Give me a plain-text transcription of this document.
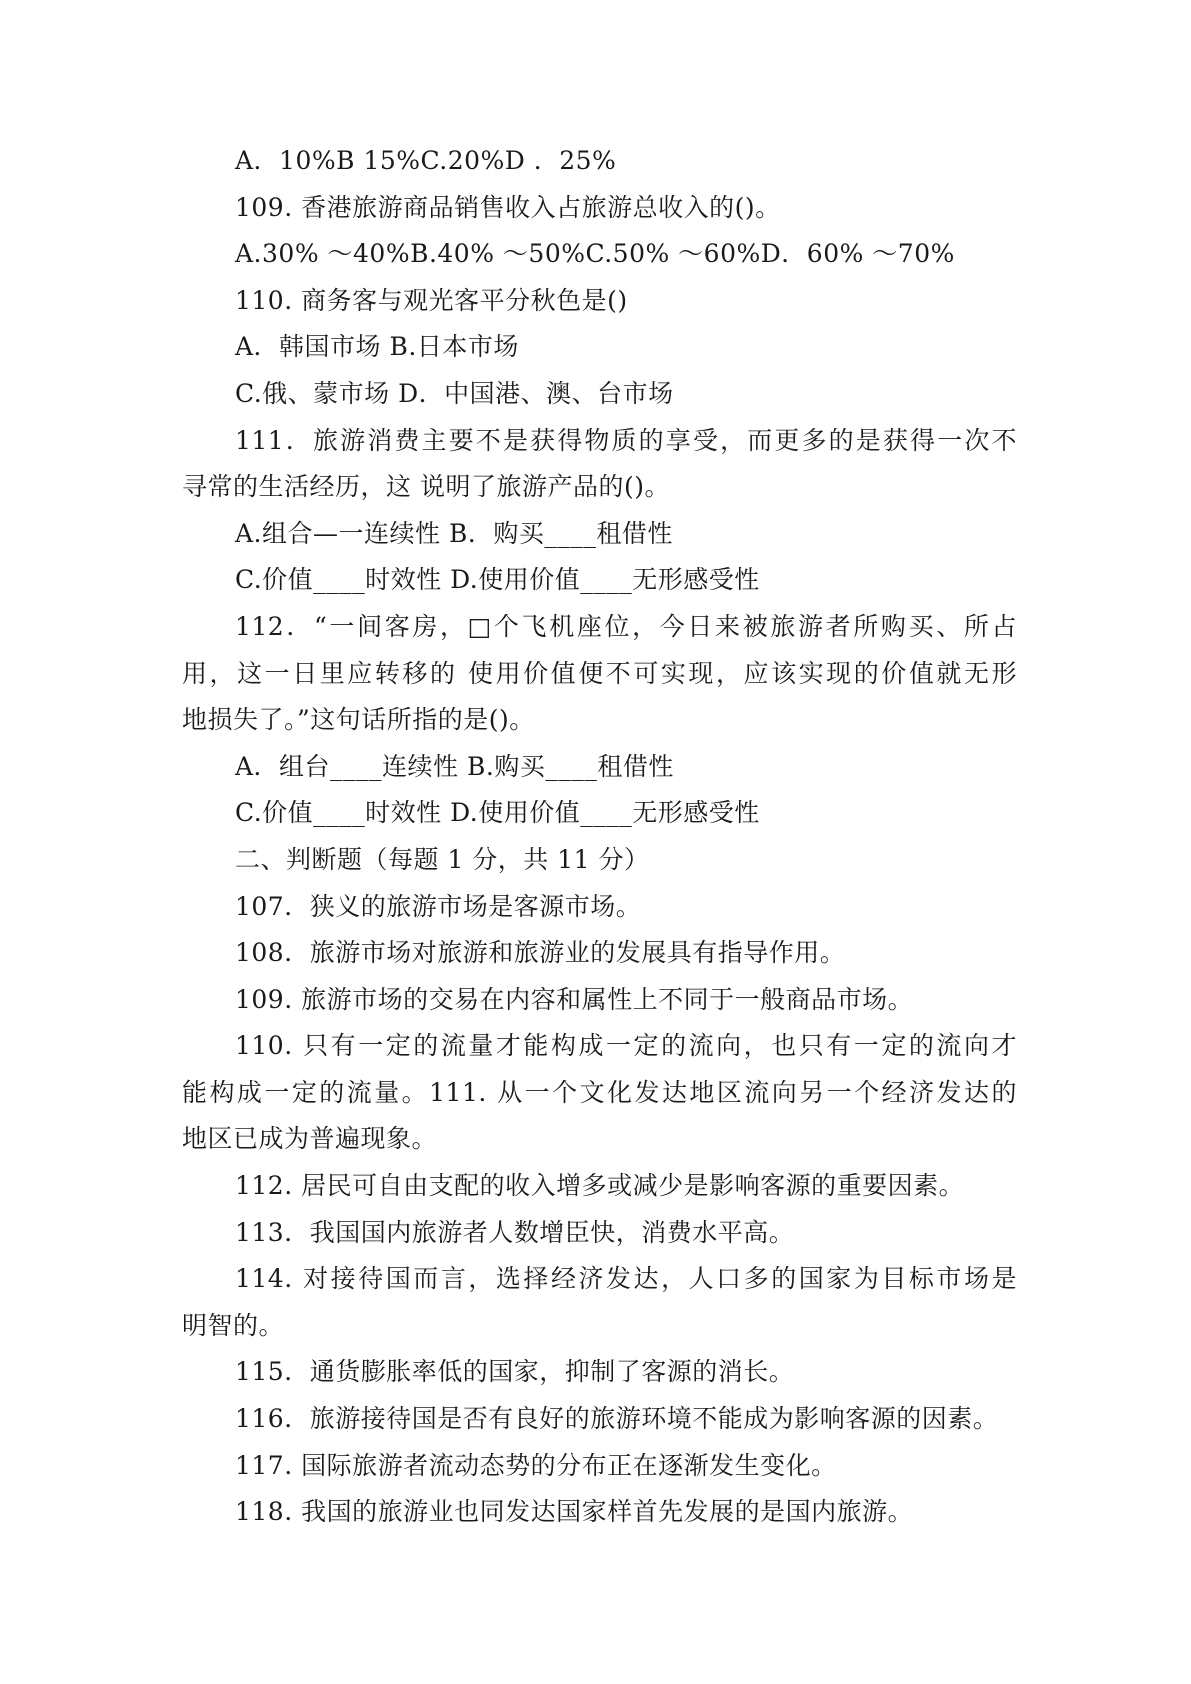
A．10%B 15%C.20%D ．25%
109. 香港旅游商品销售收入占旅游总收入的()。
A.30% ～40%B.40% ～50%C.50% ～60%D．60% ～70%
110. 商务客与观光客平分秋色是()
A．韩国市场 B.日本市场
C.俄、蒙市场 D．中国港、澳、台市场
111．旅游消费主要不是获得物质的享受，而更多的是获得一次不
寻常的生活经历，这 说明了旅游产品的()。
A.组合—一连续性 B．购买____租借性
C.价值____时效性 D.使用价值____无形感受性
112．“一间客房，□个飞机座位，今日来被旅游者所购买、所占
用，这一日里应转移的 使用价值便不可实现，应该实现的价值就无形
地损失了。”这句话所指的是()。
A．组台____连续性 B.购买____租借性
C.价值____时效性 D.使用价值____无形感受性
二、判断题（每题 1 分，共 11 分）
107．狭义的旅游市场是客源市场。
108．旅游市场对旅游和旅游业的发展具有指导作用。
109. 旅游市场的交易在内容和属性上不同于一般商品市场。
110. 只有一定的流量才能构成一定的流向，也只有一定的流向才
能构成一定的流量。111. 从一个文化发达地区流向另一个经济发达的
地区已成为普遍现象。
112. 居民可自由支配的收入增多或减少是影响客源的重要因素。
113．我国国内旅游者人数增臣快，消费水平高。
114. 对接待国而言，选择经济发达，人口多的国家为目标市场是
明智的。
115．通货膨胀率低的国家，抑制了客源的消长。
116．旅游接待国是否有良好的旅游环境不能成为影响客源的因素。
117. 国际旅游者流动态势的分布正在逐渐发生变化。
118. 我国的旅游业也同发达国家样首先发展的是国内旅游。
